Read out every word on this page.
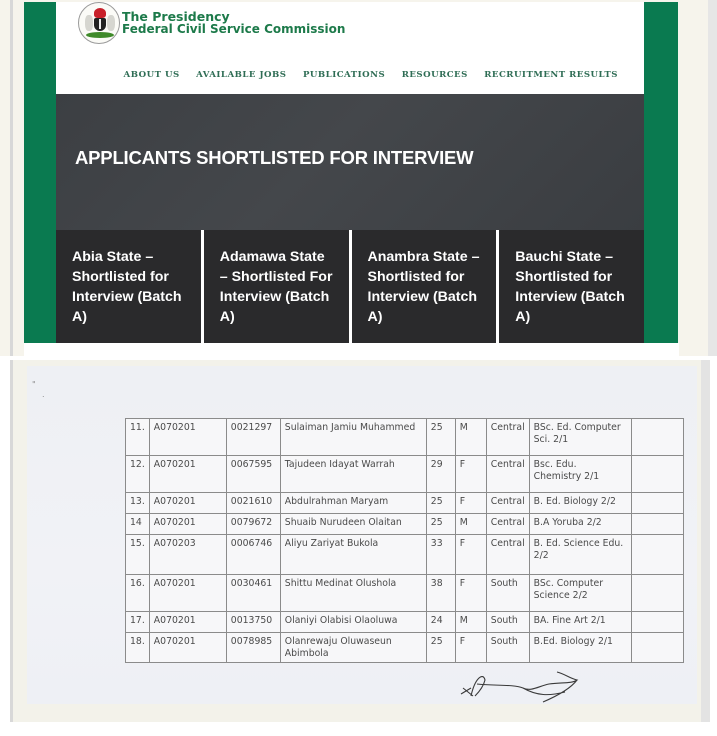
The Presidency
Federal Civil Service Commission
ABOUT US AVAILABLE JOBS PUBLICATIONS RESOURCES RECRUITMENT RESULTS
APPLICANTS SHORTLISTED FOR INTERVIEW
Abia State – Shortlisted for Interview (Batch A)
Adamawa State – Shortlisted For Interview (Batch A)
Anambra State – Shortlisted for Interview (Batch A)
Bauchi State – Shortlisted for Interview (Batch A)
"
.
11.	A070201	0021297	Sulaiman Jamiu Muhammed	25	M	Central	BSc. Ed. Computer Sci. 2/1	
12.	A070201	0067595	Tajudeen Idayat Warrah	29	F	Central	Bsc. Edu. Chemistry 2/1	
13.	A070201	0021610	Abdulrahman Maryam	25	F	Central	B. Ed. Biology 2/2	
14	A070201	0079672	Shuaib Nurudeen Olaitan	25	M	Central	B.A Yoruba 2/2	
15.	A070203	0006746	Aliyu Zariyat Bukola	33	F	Central	B. Ed. Science Edu. 2/2	
16.	A070201	0030461	Shittu Medinat Olushola	38	F	South	BSc. Computer Science 2/2	
17.	A070201	0013750	Olaniyi Olabisi Olaoluwa	24	M	South	BA. Fine Art 2/1	
18.	A070201	0078985	Olanrewaju Oluwaseun Abimbola	25	F	South	B.Ed. Biology 2/1	
